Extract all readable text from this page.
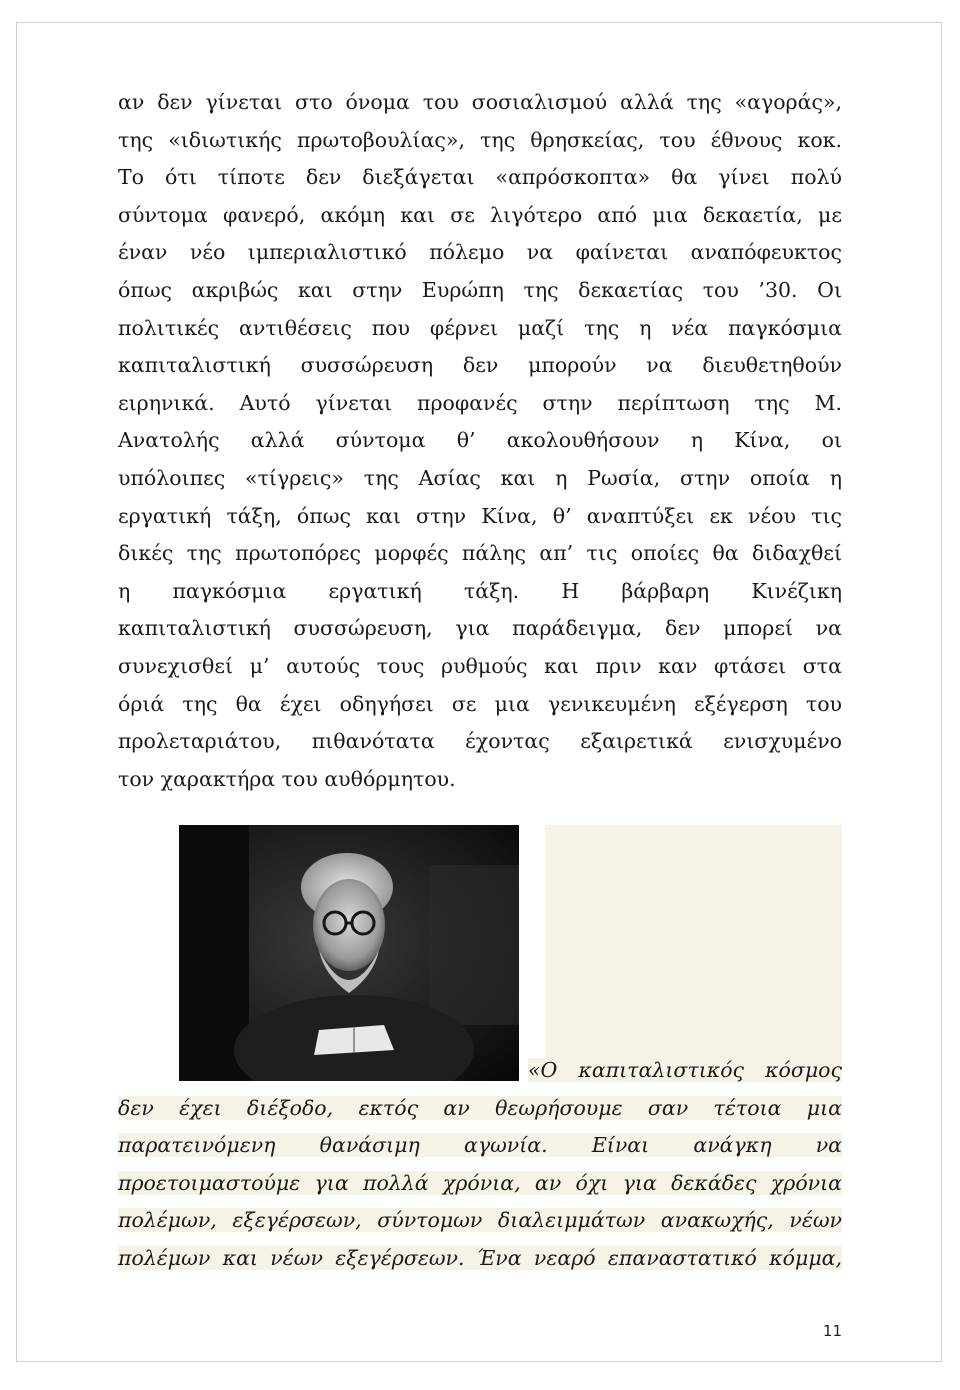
αν δεν γίνεται στο όνομα του σοσιαλισμού αλλά της «αγοράς»,
της «ιδιωτικής πρωτοβουλίας», της θρησκείας, του έθνους κοκ.
Το ότι τίποτε δεν διεξάγεται «απρόσκοπτα» θα γίνει πολύ
σύντομα φανερό, ακόμη και σε λιγότερο από μια δεκαετία, με
έναν νέο ιμπεριαλιστικό πόλεμο να φαίνεται αναπόφευκτος
όπως ακριβώς και στην Ευρώπη της δεκαετίας του ’30. Οι
πολιτικές αντιθέσεις που φέρνει μαζί της η νέα παγκόσμια
καπιταλιστική συσσώρευση δεν μπορούν να διευθετηθούν
ειρηνικά. Αυτό γίνεται προφανές στην περίπτωση της Μ.
Ανατολής αλλά σύντομα θ’ ακολουθήσουν η Κίνα, οι
υπόλοιπες «τίγρεις» της Ασίας και η Ρωσία, στην οποία η
εργατική τάξη, όπως και στην Κίνα, θ’ αναπτύξει εκ νέου τις
δικές της πρωτοπόρες μορφές πάλης απ’ τις οποίες θα διδαχθεί
η παγκόσμια εργατική τάξη. Η βάρβαρη Κινέζικη
καπιταλιστική συσσώρευση, για παράδειγμα, δεν μπορεί να
συνεχισθεί μ’ αυτούς τους ρυθμούς και πριν καν φτάσει στα
όριά της θα έχει οδηγήσει σε μια γενικευμένη εξέγερση του
προλεταριάτου, πιθανότατα έχοντας εξαιρετικά ενισχυμένο
τον χαρακτήρα του αυθόρμητου.
«Ο καπιταλιστικός κόσμος
δεν έχει διέξοδο, εκτός αν θεωρήσουμε σαν τέτοια μια
παρατεινόμενη θανάσιμη αγωνία. Είναι ανάγκη να
προετοιμαστούμε για πολλά χρόνια, αν όχι για δεκάδες χρόνια
πολέμων, εξεγέρσεων, σύντομων διαλειμμάτων ανακωχής, νέων
πολέμων και νέων εξεγέρσεων. Ένα νεαρό επαναστατικό κόμμα,
11
